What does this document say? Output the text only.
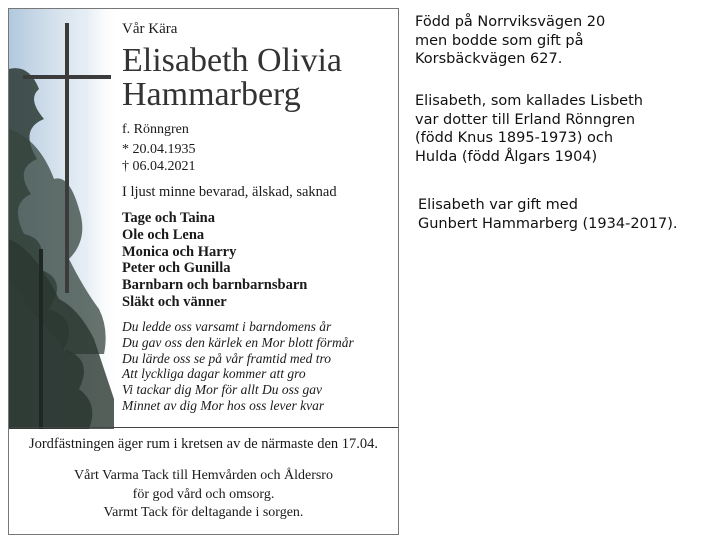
Vår Kära
Elisabeth Olivia
Hammarberg
f. Rönngren
* 20.04.1935
† 06.04.2021
I ljust minne bevarad, älskad, saknad
Tage och Taina
Ole och Lena
Monica och Harry
Peter och Gunilla
Barnbarn och barnbarnsbarn
Släkt och vänner
Du ledde oss varsamt i barndomens år
Du gav oss den kärlek en Mor blott förmår
Du lärde oss se på vår framtid med tro
Att lyckliga dagar kommer att gro
Vi tackar dig Mor för allt Du oss gav
Minnet av dig Mor hos oss lever kvar
Jordfästningen äger rum i kretsen av de närmaste den 17.04.
Vårt Varma Tack till Hemvården och Åldersro
för god vård och omsorg.
Varmt Tack för deltagande i sorgen.
Född på Norrviksvägen 20
men bodde som gift på
Korsbäckvägen 627.
Elisabeth, som kallades Lisbeth
var dotter till Erland Rönngren
(född Knus 1895-1973) och
Hulda (född Ålgars 1904)
Elisabeth var gift med
Gunbert Hammarberg (1934-2017).
